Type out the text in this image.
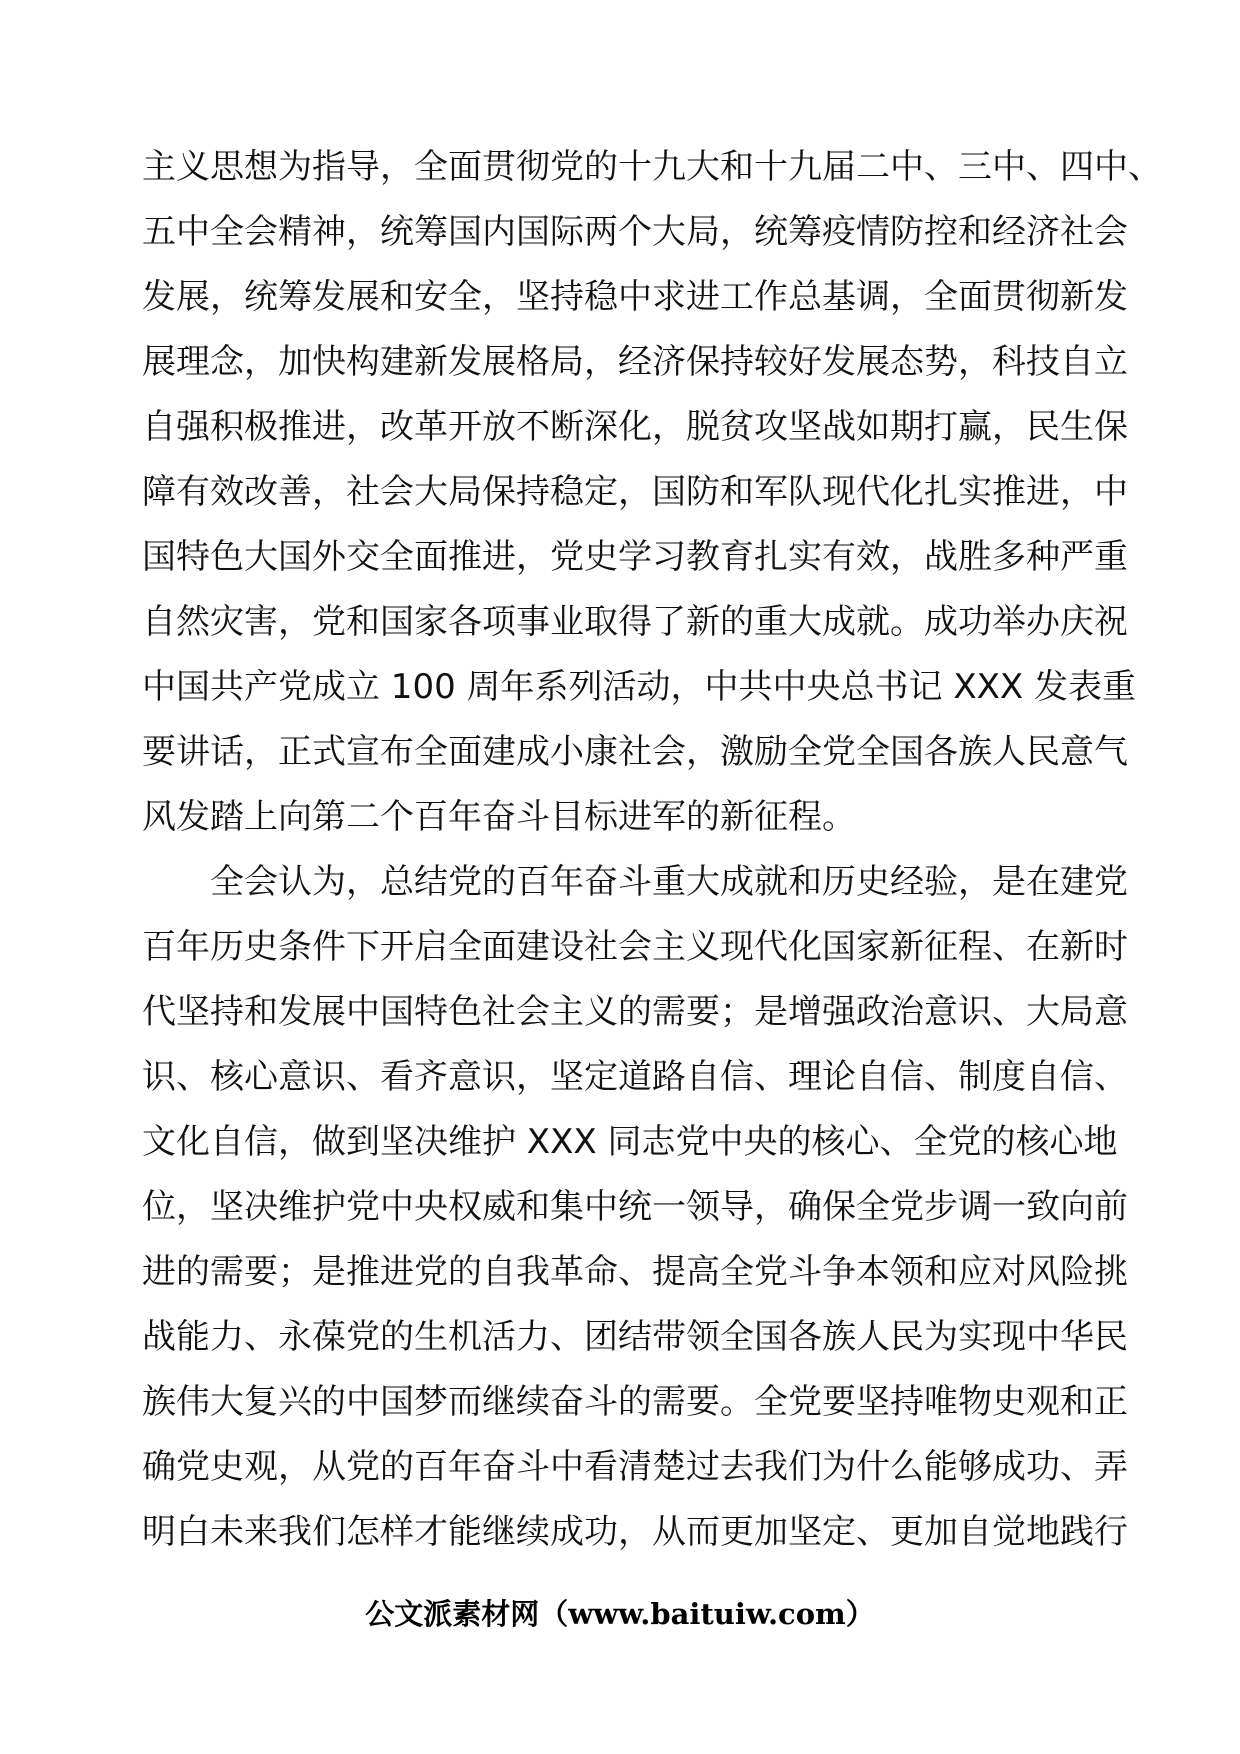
主义思想为指导，全面贯彻党的十九大和十九届二中、三中、四中、
五中全会精神，统筹国内国际两个大局，统筹疫情防控和经济社会
发展，统筹发展和安全，坚持稳中求进工作总基调，全面贯彻新发
展理念，加快构建新发展格局，经济保持较好发展态势，科技自立
自强积极推进，改革开放不断深化，脱贫攻坚战如期打赢，民生保
障有效改善，社会大局保持稳定，国防和军队现代化扎实推进，中
国特色大国外交全面推进，党史学习教育扎实有效，战胜多种严重
自然灾害，党和国家各项事业取得了新的重大成就。成功举办庆祝
中国共产党成立 100 周年系列活动，中共中央总书记 XXX 发表重
要讲话，正式宣布全面建成小康社会，激励全党全国各族人民意气
风发踏上向第二个百年奋斗目标进军的新征程。
全会认为，总结党的百年奋斗重大成就和历史经验，是在建党
百年历史条件下开启全面建设社会主义现代化国家新征程、在新时
代坚持和发展中国特色社会主义的需要；是增强政治意识、大局意
识、核心意识、看齐意识，坚定道路自信、理论自信、制度自信、
文化自信，做到坚决维护 XXX 同志党中央的核心、全党的核心地
位，坚决维护党中央权威和集中统一领导，确保全党步调一致向前
进的需要；是推进党的自我革命、提高全党斗争本领和应对风险挑
战能力、永葆党的生机活力、团结带领全国各族人民为实现中华民
族伟大复兴的中国梦而继续奋斗的需要。全党要坚持唯物史观和正
确党史观，从党的百年奋斗中看清楚过去我们为什么能够成功、弄
明白未来我们怎样才能继续成功，从而更加坚定、更加自觉地践行
公文派素材网（www.baituiw.com）
